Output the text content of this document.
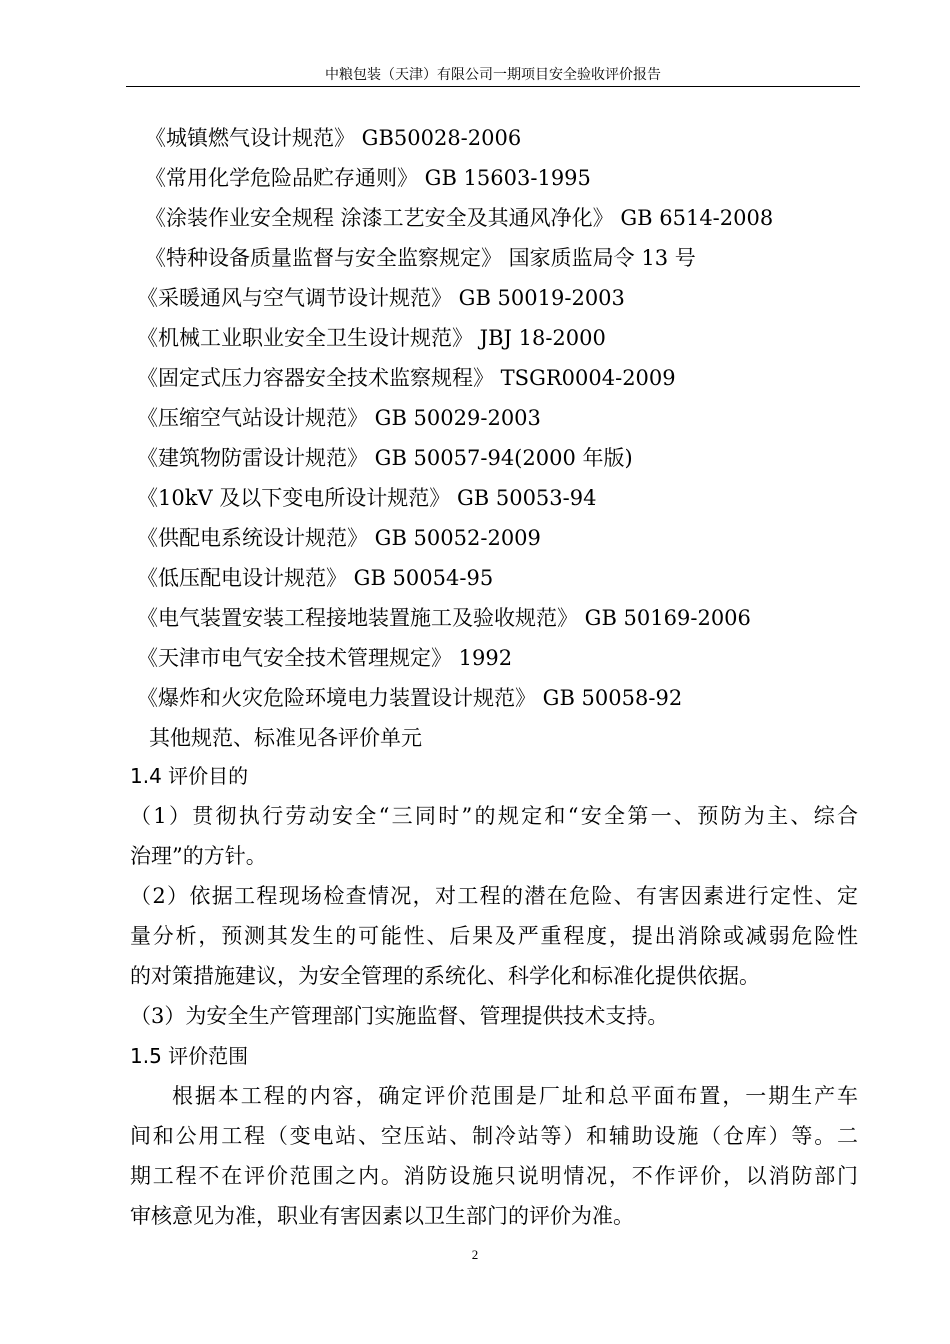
中粮包装（天津）有限公司一期项目安全验收评价报告
《城镇燃气设计规范》 GB50028-2006
《常用化学危险品贮存通则》 GB 15603-1995
《涂装作业安全规程 涂漆工艺安全及其通风净化》 GB 6514-2008
《特种设备质量监督与安全监察规定》 国家质监局令 13 号
《采暖通风与空气调节设计规范》 GB 50019-2003
《机械工业职业安全卫生设计规范》 JBJ 18-2000
《固定式压力容器安全技术监察规程》 TSGR0004-2009
《压缩空气站设计规范》 GB 50029-2003
《建筑物防雷设计规范》 GB 50057-94(2000 年版)
《10kV 及以下变电所设计规范》 GB 50053-94
《供配电系统设计规范》 GB 50052-2009
《低压配电设计规范》 GB 50054-95
《电气装置安装工程接地装置施工及验收规范》 GB 50169-2006
《天津市电气安全技术管理规定》 1992
《爆炸和火灾危险环境电力装置设计规范》 GB 50058-92
其他规范、标准见各评价单元
1.4 评价目的
（1）贯彻执行劳动安全“三同时”的规定和“安全第一、预防为主、综合
治理”的方针。
（2）依据工程现场检查情况，对工程的潜在危险、有害因素进行定性、定
量分析，预测其发生的可能性、后果及严重程度，提出消除或减弱危险性
的对策措施建议，为安全管理的系统化、科学化和标准化提供依据。
（3）为安全生产管理部门实施监督、管理提供技术支持。
1.5 评价范围
根据本工程的内容，确定评价范围是厂址和总平面布置，一期生产车
间和公用工程（变电站、空压站、制冷站等）和辅助设施（仓库）等。二
期工程不在评价范围之内。消防设施只说明情况，不作评价，以消防部门
审核意见为准，职业有害因素以卫生部门的评价为准。
2
